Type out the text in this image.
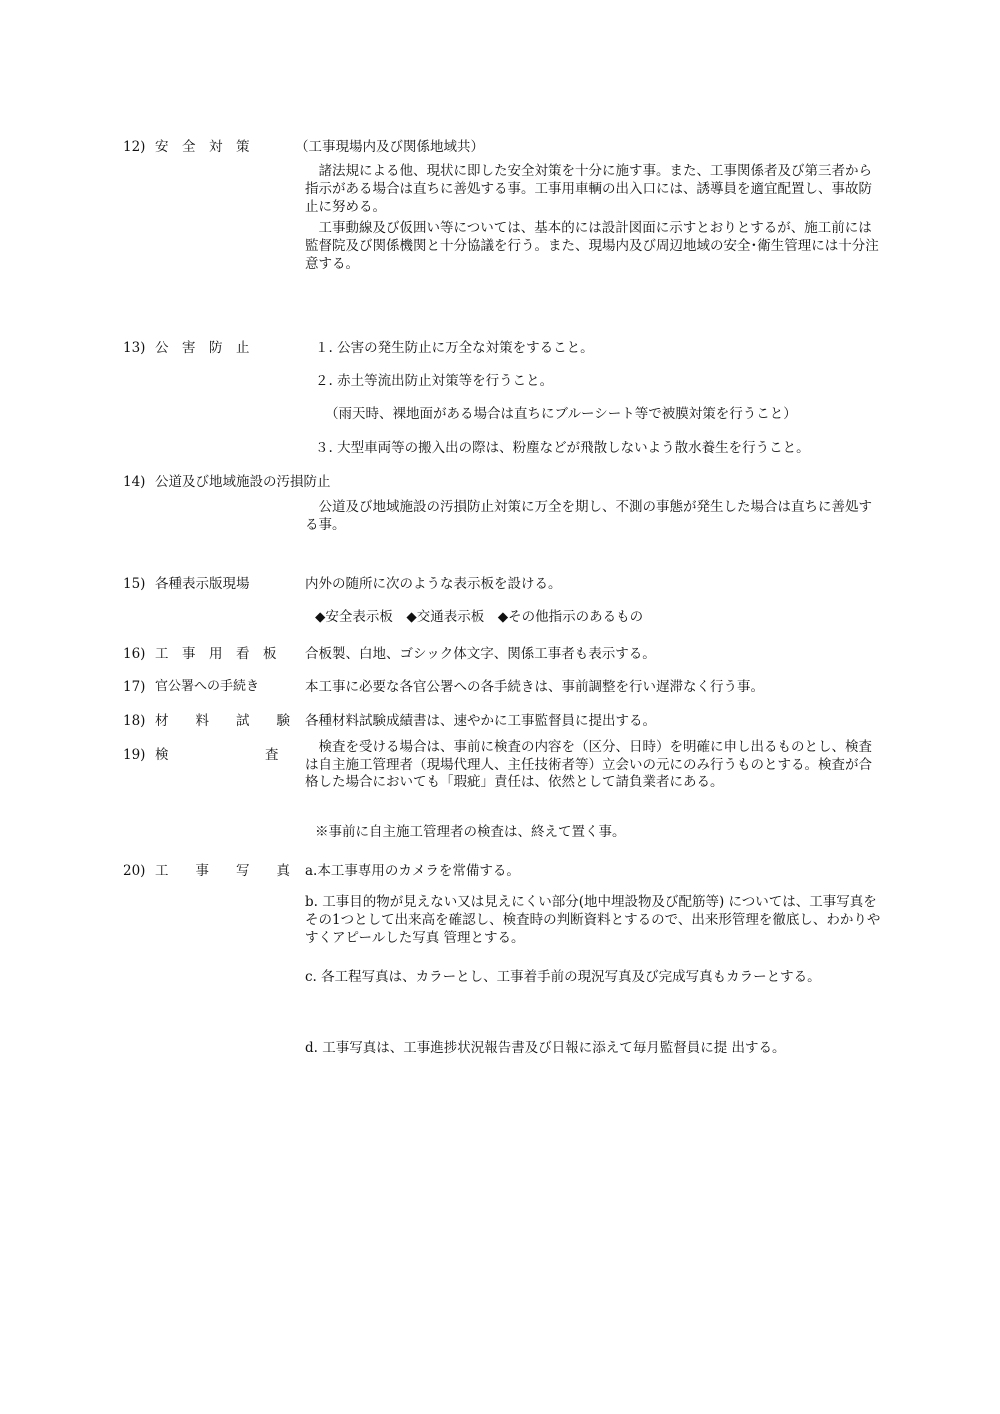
12) 安　全　対　策	（工事現場内及び関係地域共）
　諸法規による他、現状に即した安全対策を十分に施す事。また、工事関係者及び第三者から指示がある場合は直ちに善処する事。工事用車輌の出入口には、誘導員を適宜配置し、事故防止に努める。
　工事動線及び仮囲い等については、基本的には設計図面に示すとおりとするが、施工前には監督院及び関係機関と十分協議を行う。また、現場内及び周辺地域の安全･衛生管理には十分注意する。
13) 公　害　防　止	１. 公害の発生防止に万全な対策をすること。
２. 赤土等流出防止対策等を行うこと。
（雨天時、裸地面がある場合は直ちにブルーシート等で被膜対策を行うこと）
３. 大型車両等の搬入出の際は、粉塵などが飛散しないよう散水養生を行うこと。
14) 公道及び地域施設の汚損防止
　公道及び地域施設の汚損防止対策に万全を期し、不測の事態が発生した場合は直ちに善処する事。
15) 各種表示版現場	内外の随所に次のような表示板を設ける。
◆安全表示板　◆交通表示板　◆その他指示のあるもの
16) 工　事　用　看　板 合板製、白地、ゴシック体文字、関係工事者も表示する。
17) 官公署への手続き	本工事に必要な各官公署への各手続きは、事前調整を行い遅滞なく行う事。
18) 材　　料　　試　　験 各種材料試験成績書は、速やかに工事監督員に提出する。
19) 検	査 　検査を受ける場合は、事前に検査の内容を（区分、日時）を明確に申し出るものとし、検査は自主施工管理者（現場代理人、主任技術者等）立会いの元にのみ行うものとする。検査が合格した場合においても「瑕疵」責任は、依然として請負業者にある。
※事前に自主施工管理者の検査は、終えて置く事。
20) 工　　事　　写　　真 a.本工事専用のカメラを常備する。
b. 工事目的物が見えない又は見えにくい部分(地中埋設物及び配筋等) については、工事写真をその1つとして出来高を確認し、検査時の判断資料とするので、出来形管理を徹底し、わかりやすくアピールした写真 管理とする。
c. 各工程写真は、カラーとし、工事着手前の現況写真及び完成写真もカラーとする。
d. 工事写真は、工事進捗状況報告書及び日報に添えて毎月監督員に提 出する。
